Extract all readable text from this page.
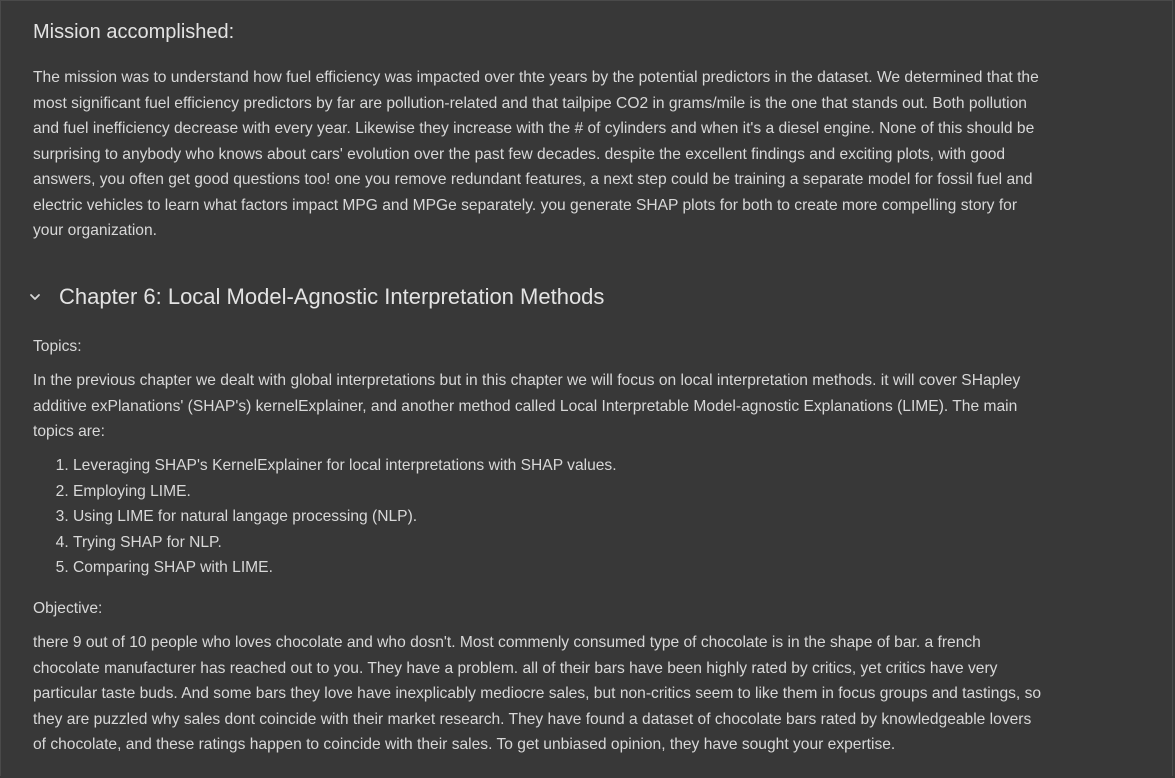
Mission accomplished:

The mission was to understand how fuel efficiency was impacted over thte years by the potential predictors in the dataset. We determined that the most significant fuel efficiency predictors by far are pollution-related and that tailpipe CO2 in grams/mile is the one that stands out. Both pollution and fuel inefficiency decrease with every year. Likewise they increase with the # of cylinders and when it's a diesel engine. None of this should be surprising to anybody who knows about cars' evolution over the past few decades. despite the excellent findings and exciting plots, with good answers, you often get good questions too! one you remove redundant features, a next step could be training a separate model for fossil fuel and electric vehicles to learn what factors impact MPG and MPGe separately. you generate SHAP plots for both to create more compelling story for your organization.

Chapter 6: Local Model-Agnostic Interpretation Methods

Topics:

In the previous chapter we dealt with global interpretations but in this chapter we will focus on local interpretation methods. it will cover SHapley additive exPlanations' (SHAP's) kernelExplainer, and another method called Local Interpretable Model-agnostic Explanations (LIME). The main topics are:

1. Leveraging SHAP's KernelExplainer for local interpretations with SHAP values.
2. Employing LIME.
3. Using LIME for natural langage processing (NLP).
4. Trying SHAP for NLP.
5. Comparing SHAP with LIME.

Objective:

there 9 out of 10 people who loves chocolate and who dosn't. Most commenly consumed type of chocolate is in the shape of bar. a french chocolate manufacturer has reached out to you. They have a problem. all of their bars have been highly rated by critics, yet critics have very particular taste buds. And some bars they love have inexplicably mediocre sales, but non-critics seem to like them in focus groups and tastings, so they are puzzled why sales dont coincide with their market research. They have found a dataset of chocolate bars rated by knowledgeable lovers of chocolate, and these ratings happen to coincide with their sales. To get unbiased opinion, they have sought your expertise.
